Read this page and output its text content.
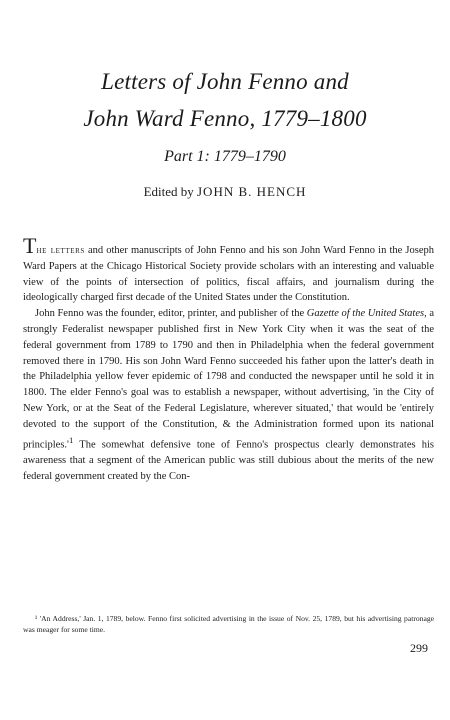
Letters of John Fenno and
John Ward Fenno, 1779–1800
Part 1: 1779–1790
Edited by JOHN B. HENCH

The letters and other manuscripts of John Fenno and his son John Ward Fenno in the Joseph Ward Papers at the Chicago Historical Society provide scholars with an interesting and valuable view of the points of intersection of politics, fiscal affairs, and journalism during the ideologically charged first decade of the United States under the Constitution.

John Fenno was the founder, editor, printer, and publisher of the Gazette of the United States, a strongly Federalist newspaper published first in New York City when it was the seat of the federal government from 1789 to 1790 and then in Philadelphia when the federal government removed there in 1790. His son John Ward Fenno succeeded his father upon the latter's death in the Philadelphia yellow fever epidemic of 1798 and conducted the newspaper until he sold it in 1800. The elder Fenno's goal was to establish a newspaper, without advertising, 'in the City of New York, or at the Seat of the Federal Legislature, wherever situated,' that would be 'entirely devoted to the support of the Constitution, & the Administration formed upon its national $principles.'^1$ The somewhat defensive tone of Fenno's prospectus clearly demonstrates his awareness that a segment of the American public was still dubious about the merits of the new federal government created by the Con-

¹ 'An Address,' Jan. 1, 1789, below. Fenno first solicited advertising in the issue of Nov. 25, 1789, but his advertising patronage was meager for some time.
299
